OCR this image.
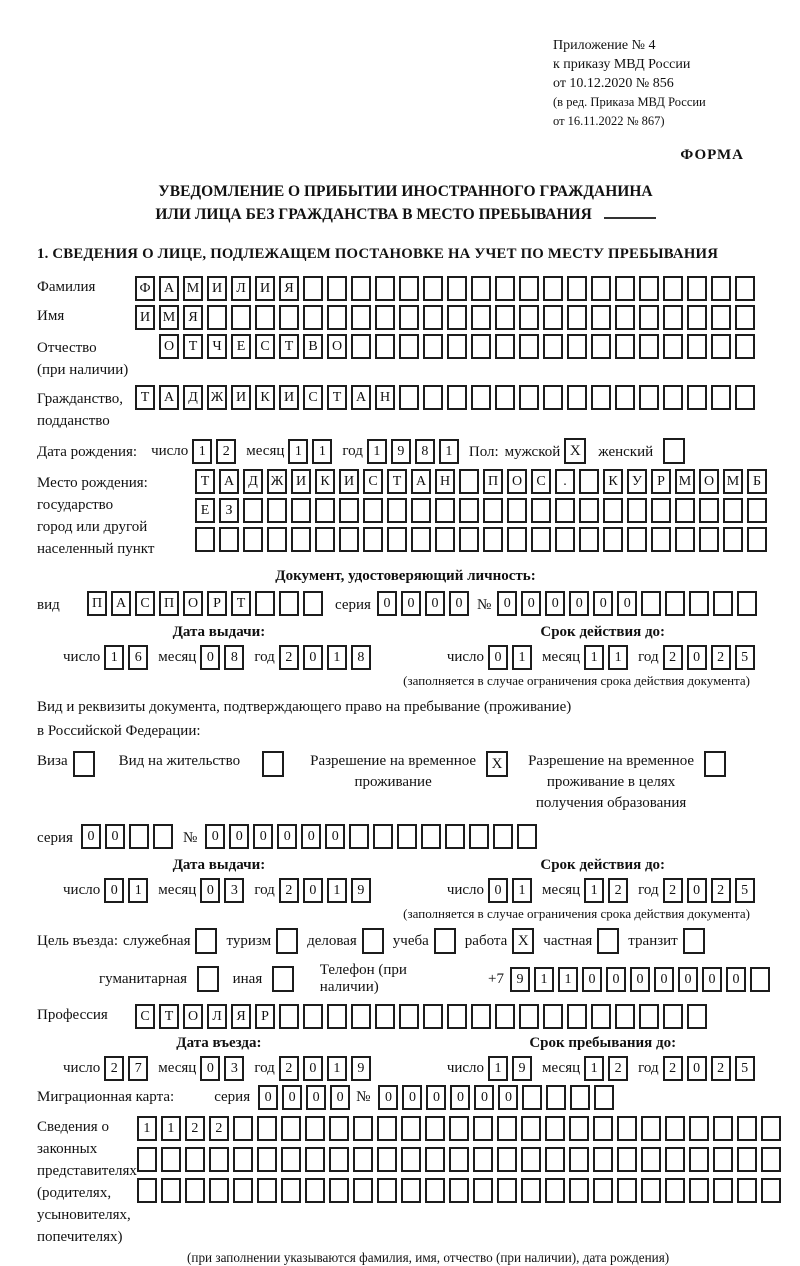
Приложение № 4
к приказу МВД России
от 10.12.2020 № 856
(в ред. Приказа МВД России
от 16.11.2022 № 867)
ФОРМА
УВЕДОМЛЕНИЕ О ПРИБЫТИИ ИНОСТРАННОГО ГРАЖДАНИНА
ИЛИ ЛИЦА БЕЗ ГРАЖДАНСТВА В МЕСТО ПРЕБЫВАНИЯ
1. СВЕДЕНИЯ О ЛИЦЕ, ПОДЛЕЖАЩЕМ ПОСТАНОВКЕ НА УЧЕТ ПО МЕСТУ ПРЕБЫВАНИЯ
Фамилия	Ф А М И Л И Я
Имя	И М Я
Отчество
(при наличии)
О Т Ч Е С Т В О
Гражданство,
подданство
Т А Д Ж И К И С Т А Н
Дата рождения: число 1 2	месяц 1 1	год 1 9 8 1	Пол: мужской X	женский
Место рождения:
государство
город или другой
населенный пункт
Т А Д Ж И К И С Т А Н	П О С .	К У Р М О М Б
Е З
Документ, удостоверяющий личность:
вид	П А С П О Р Т	серия 0 0 0 0 № 0 0 0 0 0 0
Дата выдачи:
число 1 6	месяц 0 8	год 2 0 1 8
Срок действия до:
число 0 1	месяц 1 1	год 2 0 2 5
(заполняется в случае ограничения срока действия документа)
Вид и реквизиты документа, подтверждающего право на пребывание (проживание)
в Российской Федерации:
Виза	Вид на жительство	Разрешение на временное
проживание
X	Разрешение на временное
проживание в целях
получения образования
серия	0 0	№	0 0 0 0 0 0
Дата выдачи:
число 0 1	месяц 0 3	год 2 0 1 9
Срок действия до:
число 0 1	месяц 1 2	год 2 0 2 5
(заполняется в случае ограничения срока действия документа)
Цель въезда: служебная туризм деловая учеба работа X частная транзит
гуманитарная	иная
Телефон (при наличии)
+7 9 1 1 0 0 0 0 0 0 0
Профессия	С Т О Л Я Р
Дата въезда:
число 2 7	месяц 0 3	год 2 0 1 9
Срок пребывания до:
число 1 9	месяц 1 2	год 2 0 2 5
Миграционная карта:	серия	0 0 0 0 №	0 0 0 0 0 0
Сведения о
законных
представителях
(родителях,
усыновителях,
попечителях)
1 1 2 2
(при заполнении указываются фамилия, имя, отчество (при наличии), дата рождения)
